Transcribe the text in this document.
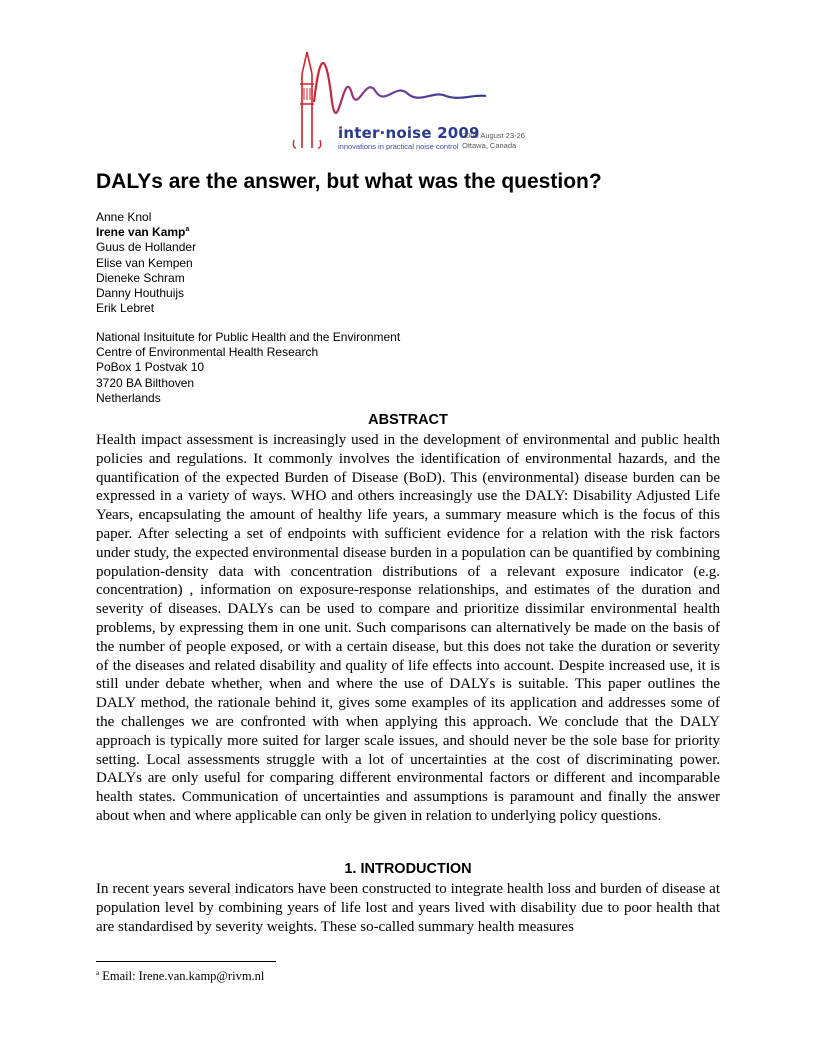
inter·noise 2009
innovations in practical noise control
2009 August 23-26
Ottawa, Canada
DALYs are the answer, but what was the question?
Anne Knol
Irene van Kamp$^a$
Guus de Hollander
Elise van Kempen
Dieneke Schram
Danny Houthuijs
Erik Lebret
National Insituitute for Public Health and the Environment
Centre of Environmental Health Research
PoBox 1 Postvak 10
3720 BA Bilthoven
Netherlands
ABSTRACT
Health impact assessment is increasingly used in the development of environmental and public health policies and regulations. It commonly involves the identification of environmental hazards, and the quantification of the expected Burden of Disease (BoD). This (environmental) disease burden can be expressed in a variety of ways. WHO and others increasingly use the DALY: Disability Adjusted Life Years, encapsulating the amount of healthy life years, a summary measure which is the focus of this paper. After selecting a set of endpoints with sufficient evidence for a relation with the risk factors under study, the expected environmental disease burden in a population can be quantified by combining population-density data with concentration distributions of a relevant exposure indicator (e.g. concentration) , information on exposure-response relationships, and estimates of the duration and severity of diseases. DALYs can be used to compare and prioritize dissimilar environmental health problems, by expressing them in one unit. Such comparisons can alternatively be made on the basis of the number of people exposed, or with a certain disease, but this does not take the duration or severity of the diseases and related disability and quality of life effects into account. Despite increased use, it is still under debate whether, when and where the use of DALYs is suitable. This paper outlines the DALY method, the rationale behind it, gives some examples of its application and addresses some of the challenges we are confronted with when applying this approach. We conclude that the DALY approach is typically more suited for larger scale issues, and should never be the sole base for priority setting. Local assessments struggle with a lot of uncertainties at the cost of discriminating power. DALYs are only useful for comparing different environmental factors or different and incomparable health states. Communication of uncertainties and assumptions is paramount and finally the answer about when and where applicable can only be given in relation to underlying policy questions.
1. INTRODUCTION
In recent years several indicators have been constructed to integrate health loss and burden of disease at population level by combining years of life lost and years lived with disability due to poor health that are standardised by severity weights. These so-called summary health measures
$^a$ Email: Irene.van.kamp@rivm.nl
